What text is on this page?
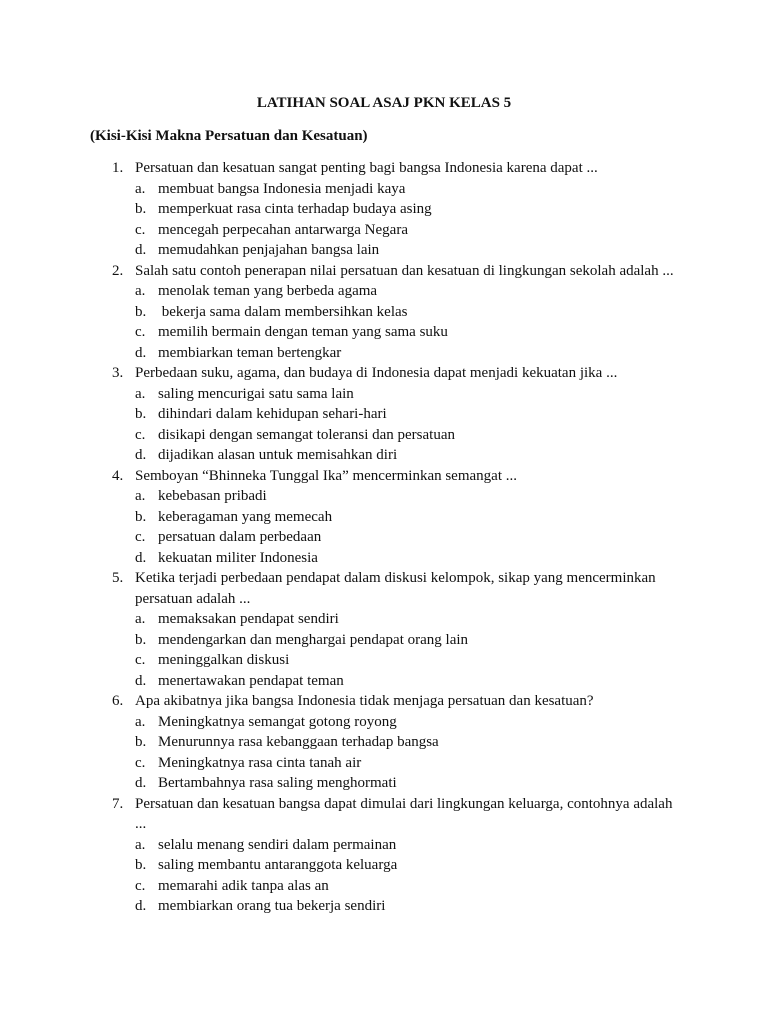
LATIHAN SOAL ASAJ PKN KELAS 5
(Kisi-Kisi Makna Persatuan dan Kesatuan)
1. Persatuan dan kesatuan sangat penting bagi bangsa Indonesia karena dapat ...
a. membuat bangsa Indonesia menjadi kaya
b. memperkuat rasa cinta terhadap budaya asing
c. mencegah perpecahan antarwarga Negara
d. memudahkan penjajahan bangsa lain
2. Salah satu contoh penerapan nilai persatuan dan kesatuan di lingkungan sekolah adalah ...
a. menolak teman yang berbeda agama
b. bekerja sama dalam membersihkan kelas
c. memilih bermain dengan teman yang sama suku
d. membiarkan teman bertengkar
3. Perbedaan suku, agama, dan budaya di Indonesia dapat menjadi kekuatan jika ...
a. saling mencurigai satu sama lain
b. dihindari dalam kehidupan sehari-hari
c. disikapi dengan semangat toleransi dan persatuan
d. dijadikan alasan untuk memisahkan diri
4. Semboyan “Bhinneka Tunggal Ika” mencerminkan semangat ...
a. kebebasan pribadi
b. keberagaman yang memecah
c. persatuan dalam perbedaan
d. kekuatan militer Indonesia
5. Ketika terjadi perbedaan pendapat dalam diskusi kelompok, sikap yang mencerminkan persatuan adalah ...
a. memaksakan pendapat sendiri
b. mendengarkan dan menghargai pendapat orang lain
c. meninggalkan diskusi
d. menertawakan pendapat teman
6. Apa akibatnya jika bangsa Indonesia tidak menjaga persatuan dan kesatuan?
a. Meningkatnya semangat gotong royong
b. Menurunnya rasa kebanggaan terhadap bangsa
c. Meningkatnya rasa cinta tanah air
d. Bertambahnya rasa saling menghormati
7. Persatuan dan kesatuan bangsa dapat dimulai dari lingkungan keluarga, contohnya adalah ...
a. selalu menang sendiri dalam permainan
b. saling membantu antaranggota keluarga
c. memarahi adik tanpa alas an
d. membiarkan orang tua bekerja sendiri
